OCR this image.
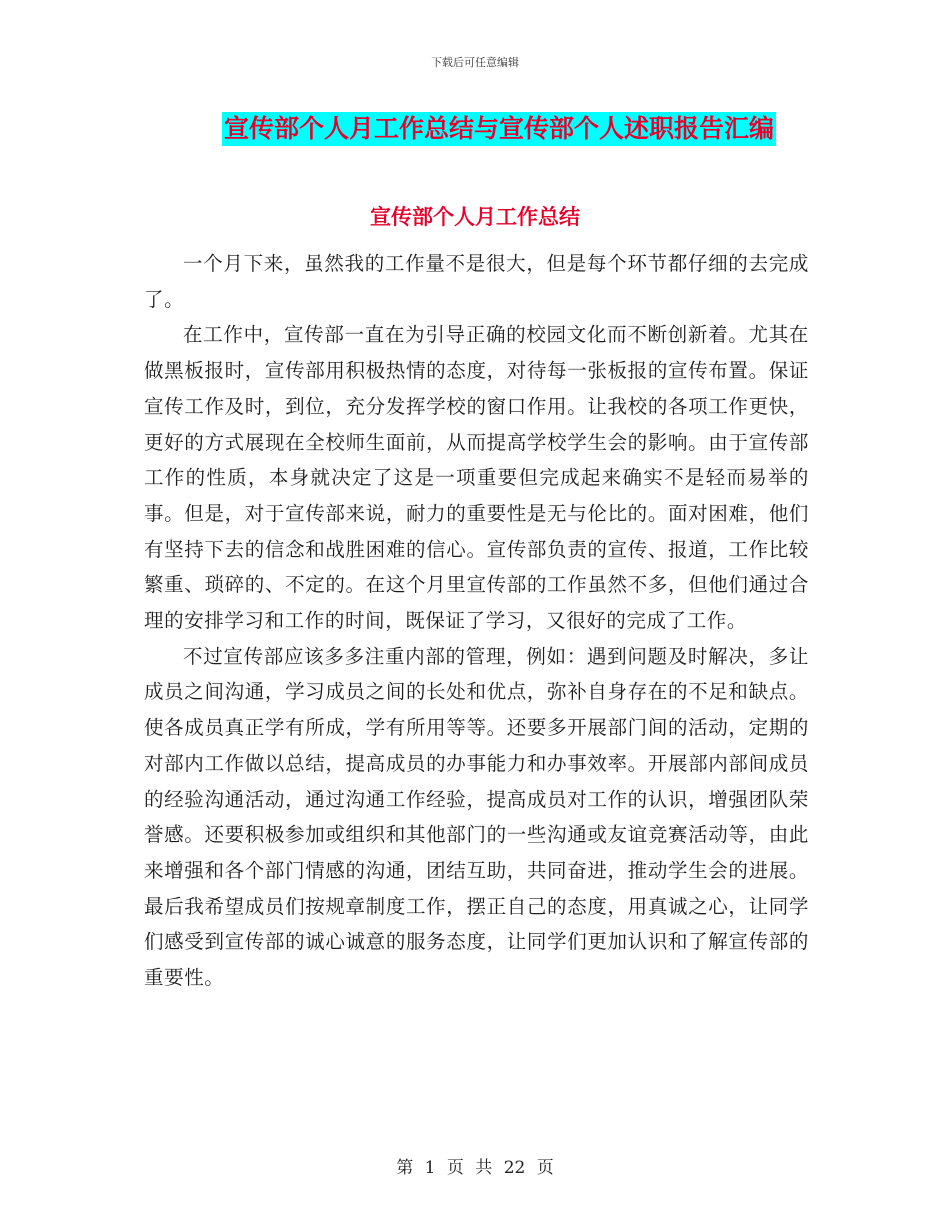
下载后可任意编辑
宣传部个人月工作总结与宣传部个人述职报告汇编
宣传部个人月工作总结

一个月下来，虽然我的工作量不是很大，但是每个环节都仔细的去完成了。

在工作中，宣传部一直在为引导正确的校园文化而不断创新着。尤其在做黑板报时，宣传部用积极热情的态度，对待每一张板报的宣传布置。保证宣传工作及时，到位，充分发挥学校的窗口作用。让我校的各项工作更快，更好的方式展现在全校师生面前，从而提高学校学生会的影响。由于宣传部工作的性质，本身就决定了这是一项重要但完成起来确实不是轻而易举的事。但是，对于宣传部来说，耐力的重要性是无与伦比的。面对困难，他们有坚持下去的信念和战胜困难的信心。宣传部负责的宣传、报道，工作比较繁重、琐碎的、不定的。在这个月里宣传部的工作虽然不多，但他们通过合理的安排学习和工作的时间，既保证了学习，又很好的完成了工作。

不过宣传部应该多多注重内部的管理，例如：遇到问题及时解决，多让成员之间沟通，学习成员之间的长处和优点，弥补自身存在的不足和缺点。使各成员真正学有所成，学有所用等等。还要多开展部门间的活动，定期的对部内工作做以总结，提高成员的办事能力和办事效率。开展部内部间成员的经验沟通活动，通过沟通工作经验，提高成员对工作的认识，增强团队荣誉感。还要积极参加或组织和其他部门的一些沟通或友谊竞赛活动等，由此来增强和各个部门情感的沟通，团结互助，共同奋进，推动学生会的进展。最后我希望成员们按规章制度工作，摆正自己的态度，用真诚之心，让同学们感受到宣传部的诚心诚意的服务态度，让同学们更加认识和了解宣传部的重要性。

第 1 页 共 22 页
